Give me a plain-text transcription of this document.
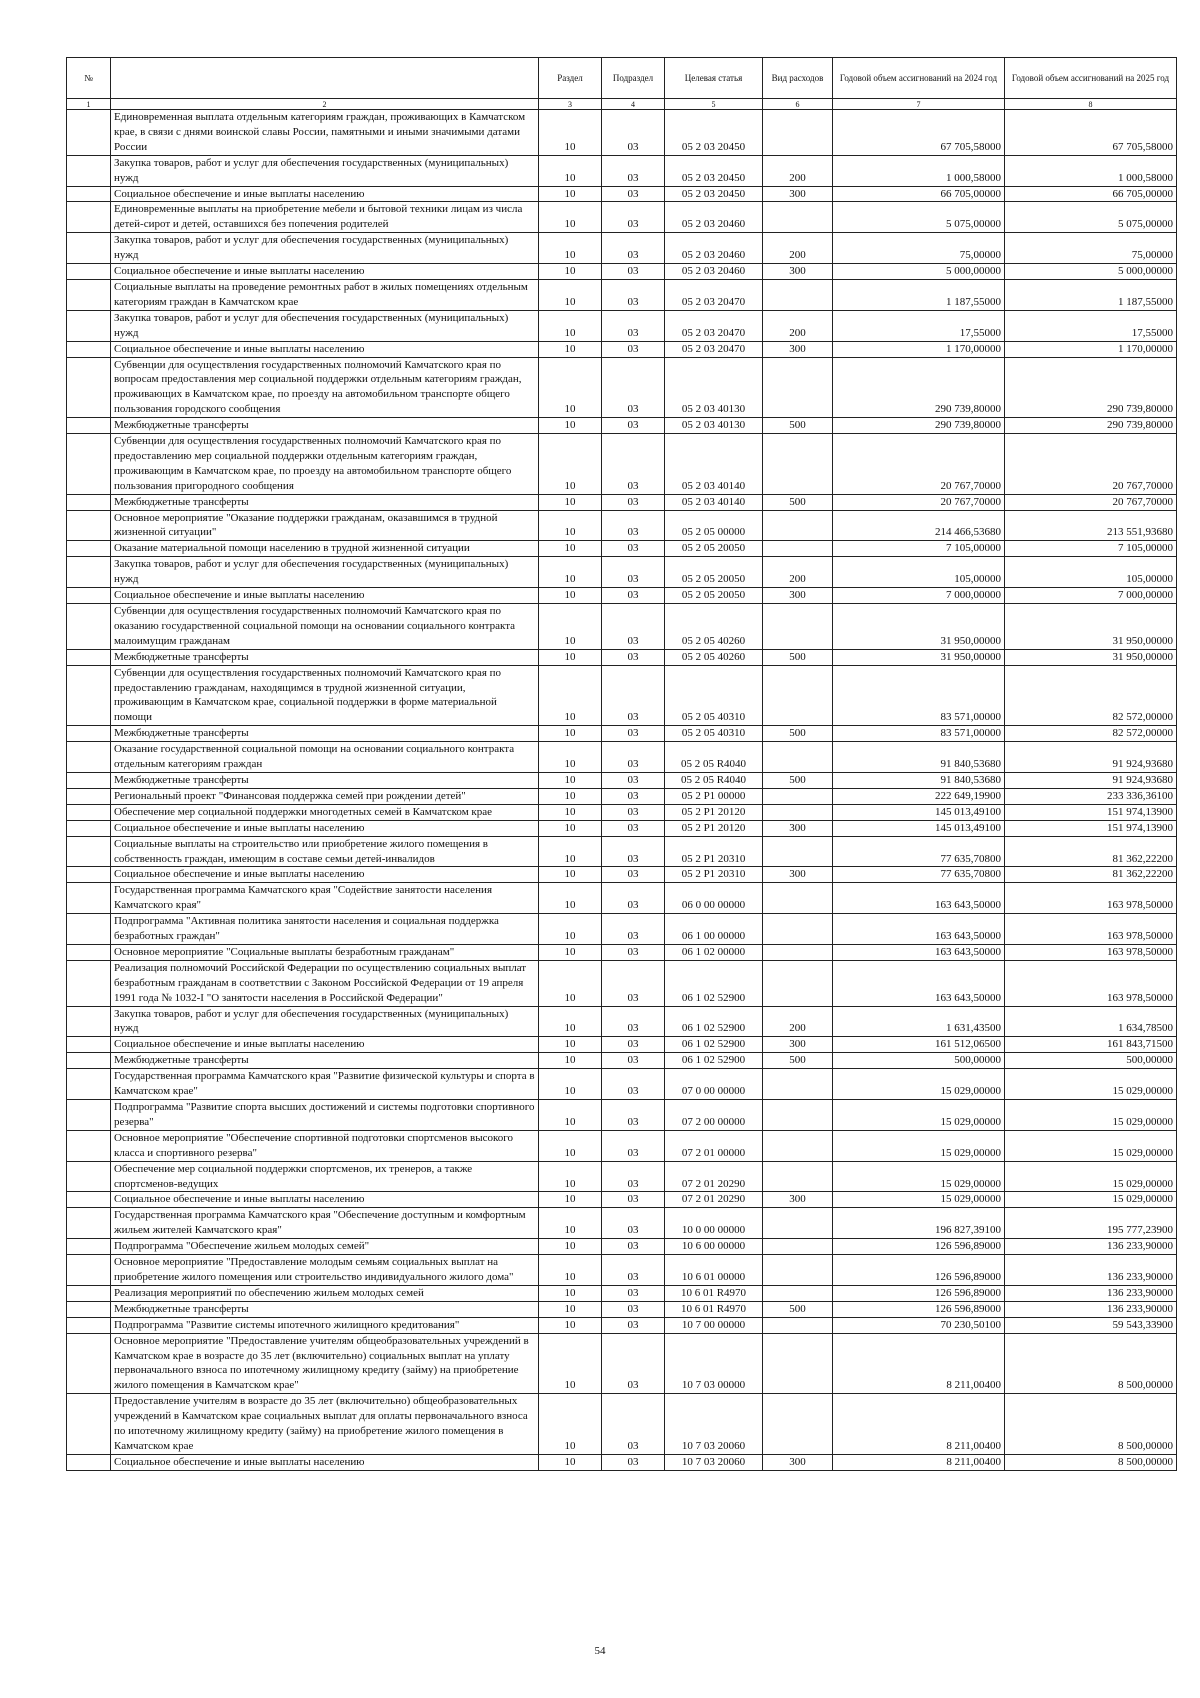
№		Раздел	Подраздел	Целевая статья	Вид расходов	Годовой объем ассигнований на 2024 год	Годовой объем ассигнований на 2025 год
1	2	3	4	5	6	7	8
	Единовременная выплата отдельным категориям граждан, проживающих в Камчатском крае, в связи с днями воинской славы России, памятными и иными значимыми датами России	10	03	05 2 03 20450		67 705,58000	67 705,58000
	Закупка товаров, работ и услуг для обеспечения государственных (муниципальных) нужд	10	03	05 2 03 20450	200	1 000,58000	1 000,58000
	Социальное обеспечение и иные выплаты населению	10	03	05 2 03 20450	300	66 705,00000	66 705,00000
	Единовременные выплаты на приобретение мебели и бытовой техники лицам из числа детей-сирот и детей, оставшихся без попечения родителей	10	03	05 2 03 20460		5 075,00000	5 075,00000
	Закупка товаров, работ и услуг для обеспечения государственных (муниципальных) нужд	10	03	05 2 03 20460	200	75,00000	75,00000
	Социальное обеспечение и иные выплаты населению	10	03	05 2 03 20460	300	5 000,00000	5 000,00000
	Социальные выплаты на проведение ремонтных работ в жилых помещениях отдельным категориям граждан в Камчатском крае	10	03	05 2 03 20470		1 187,55000	1 187,55000
	Закупка товаров, работ и услуг для обеспечения государственных (муниципальных) нужд	10	03	05 2 03 20470	200	17,55000	17,55000
	Социальное обеспечение и иные выплаты населению	10	03	05 2 03 20470	300	1 170,00000	1 170,00000
	Субвенции для осуществления государственных полномочий Камчатского края по вопросам предоставления мер социальной поддержки отдельным категориям граждан, проживающих в Камчатском крае, по проезду на автомобильном транспорте общего пользования городского сообщения	10	03	05 2 03 40130		290 739,80000	290 739,80000
	Межбюджетные трансферты	10	03	05 2 03 40130	500	290 739,80000	290 739,80000
	Субвенции для осуществления государственных полномочий Камчатского края по предоставлению мер социальной поддержки отдельным категориям граждан, проживающим в Камчатском крае, по проезду на автомобильном транспорте общего пользования пригородного сообщения	10	03	05 2 03 40140		20 767,70000	20 767,70000
	Межбюджетные трансферты	10	03	05 2 03 40140	500	20 767,70000	20 767,70000
	Основное мероприятие "Оказание поддержки гражданам, оказавшимся в трудной жизненной ситуации"	10	03	05 2 05 00000		214 466,53680	213 551,93680
	Оказание материальной помощи населению в трудной жизненной ситуации	10	03	05 2 05 20050		7 105,00000	7 105,00000
	Закупка товаров, работ и услуг для обеспечения государственных (муниципальных) нужд	10	03	05 2 05 20050	200	105,00000	105,00000
	Социальное обеспечение и иные выплаты населению	10	03	05 2 05 20050	300	7 000,00000	7 000,00000
	Субвенции для осуществления государственных полномочий Камчатского края по оказанию государственной социальной помощи на основании социального контракта малоимущим гражданам	10	03	05 2 05 40260		31 950,00000	31 950,00000
	Межбюджетные трансферты	10	03	05 2 05 40260	500	31 950,00000	31 950,00000
	Субвенции для осуществления государственных полномочий Камчатского края по предоставлению гражданам, находящимся в трудной жизненной ситуации, проживающим в Камчатском крае, социальной поддержки в форме материальной помощи	10	03	05 2 05 40310		83 571,00000	82 572,00000
	Межбюджетные трансферты	10	03	05 2 05 40310	500	83 571,00000	82 572,00000
	Оказание государственной социальной помощи на основании социального контракта отдельным категориям граждан	10	03	05 2 05 R4040		91 840,53680	91 924,93680
	Межбюджетные трансферты	10	03	05 2 05 R4040	500	91 840,53680	91 924,93680
	Региональный проект "Финансовая поддержка семей при рождении детей"	10	03	05 2 P1 00000		222 649,19900	233 336,36100
	Обеспечение мер социальной поддержки многодетных семей в Камчатском крае	10	03	05 2 P1 20120		145 013,49100	151 974,13900
	Социальное обеспечение и иные выплаты населению	10	03	05 2 P1 20120	300	145 013,49100	151 974,13900
	Социальные выплаты на строительство или приобретение жилого помещения в собственность граждан, имеющим в составе семьи детей-инвалидов	10	03	05 2 P1 20310		77 635,70800	81 362,22200
	Социальное обеспечение и иные выплаты населению	10	03	05 2 P1 20310	300	77 635,70800	81 362,22200
	Государственная программа Камчатского края "Содействие занятости населения Камчатского края"	10	03	06 0 00 00000		163 643,50000	163 978,50000
	Подпрограмма "Активная политика занятости населения и социальная поддержка безработных граждан"	10	03	06 1 00 00000		163 643,50000	163 978,50000
	Основное мероприятие "Социальные выплаты безработным гражданам"	10	03	06 1 02 00000		163 643,50000	163 978,50000
	Реализация полномочий Российской Федерации по осуществлению социальных выплат безработным гражданам в соответствии с Законом Российской Федерации от 19 апреля 1991 года № 1032-I "О занятости населения в Российской Федерации"	10	03	06 1 02 52900		163 643,50000	163 978,50000
	Закупка товаров, работ и услуг для обеспечения государственных (муниципальных) нужд	10	03	06 1 02 52900	200	1 631,43500	1 634,78500
	Социальное обеспечение и иные выплаты населению	10	03	06 1 02 52900	300	161 512,06500	161 843,71500
	Межбюджетные трансферты	10	03	06 1 02 52900	500	500,00000	500,00000
	Государственная программа Камчатского края "Развитие физической культуры и спорта в Камчатском крае"	10	03	07 0 00 00000		15 029,00000	15 029,00000
	Подпрограмма "Развитие спорта высших достижений и системы подготовки спортивного резерва"	10	03	07 2 00 00000		15 029,00000	15 029,00000
	Основное мероприятие "Обеспечение спортивной подготовки спортсменов высокого класса и спортивного резерва"	10	03	07 2 01 00000		15 029,00000	15 029,00000
	Обеспечение мер социальной поддержки спортсменов, их тренеров, а также спортсменов-ведущих	10	03	07 2 01 20290		15 029,00000	15 029,00000
	Социальное обеспечение и иные выплаты населению	10	03	07 2 01 20290	300	15 029,00000	15 029,00000
	Государственная программа Камчатского края "Обеспечение доступным и комфортным жильем жителей Камчатского края"	10	03	10 0 00 00000		196 827,39100	195 777,23900
	Подпрограмма "Обеспечение жильем молодых семей"	10	03	10 6 00 00000		126 596,89000	136 233,90000
	Основное мероприятие "Предоставление молодым семьям социальных выплат на приобретение жилого помещения или строительство индивидуального жилого дома"	10	03	10 6 01 00000		126 596,89000	136 233,90000
	Реализация мероприятий по обеспечению жильем молодых семей	10	03	10 6 01 R4970		126 596,89000	136 233,90000
	Межбюджетные трансферты	10	03	10 6 01 R4970	500	126 596,89000	136 233,90000
	Подпрограмма "Развитие системы ипотечного жилищного кредитования"	10	03	10 7 00 00000		70 230,50100	59 543,33900
	Основное мероприятие "Предоставление учителям общеобразовательных учреждений в Камчатском крае в возрасте до 35 лет (включительно) социальных выплат на уплату первоначального взноса по ипотечному жилищному кредиту (займу) на приобретение жилого помещения в Камчатском крае"	10	03	10 7 03 00000		8 211,00400	8 500,00000
	Предоставление учителям в возрасте до 35 лет (включительно) общеобразовательных учреждений в Камчатском крае социальных выплат для оплаты первоначального взноса по ипотечному жилищному кредиту (займу) на приобретение жилого помещения в Камчатском крае	10	03	10 7 03 20060		8 211,00400	8 500,00000
	Социальное обеспечение и иные выплаты населению	10	03	10 7 03 20060	300	8 211,00400	8 500,00000
54
